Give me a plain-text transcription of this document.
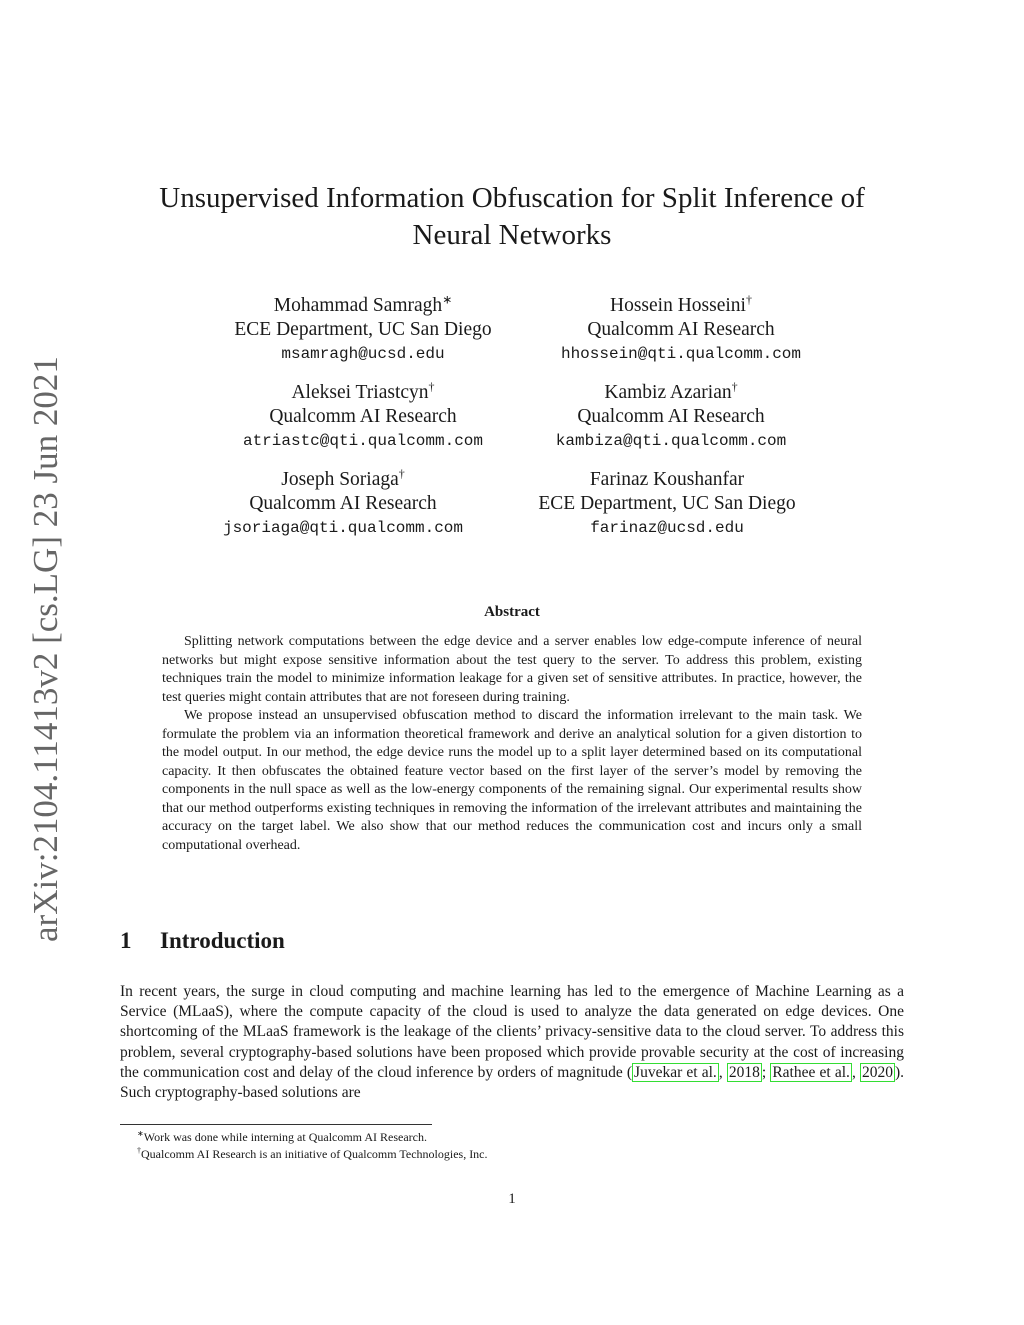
arXiv:2104.11413v2 [cs.LG] 23 Jun 2021
Unsupervised Information Obfuscation for Split Inference of Neural Networks
Mohammad Samragh∗
ECE Department, UC San Diego
msamragh@ucsd.edu
Hossein Hosseini†
Qualcomm AI Research
hhossein@qti.qualcomm.com
Aleksei Triastcyn†
Qualcomm AI Research
atriastc@qti.qualcomm.com
Kambiz Azarian†
Qualcomm AI Research
kambiza@qti.qualcomm.com
Joseph Soriaga†
Qualcomm AI Research
jsoriaga@qti.qualcomm.com
Farinaz Koushanfar
ECE Department, UC San Diego
farinaz@ucsd.edu
Abstract

Splitting network computations between the edge device and a server enables low edge-compute inference of neural networks but might expose sensitive information about the test query to the server. To address this problem, existing techniques train the model to minimize information leakage for a given set of sensitive attributes. In practice, however, the test queries might contain attributes that are not foreseen during training.

We propose instead an unsupervised obfuscation method to discard the information irrelevant to the main task. We formulate the problem via an information theoretical framework and derive an analytical solution for a given distortion to the model output. In our method, the edge device runs the model up to a split layer determined based on its computational capacity. It then obfuscates the obtained feature vector based on the first layer of the server’s model by removing the components in the null space as well as the low-energy components of the remaining signal. Our experimental results show that our method outperforms existing techniques in removing the information of the irrelevant attributes and maintaining the accuracy on the target label. We also show that our method reduces the communication cost and incurs only a small computational overhead.

1 Introduction

In recent years, the surge in cloud computing and machine learning has led to the emergence of Machine Learning as a Service (MLaaS), where the compute capacity of the cloud is used to analyze the data generated on edge devices. One shortcoming of the MLaaS framework is the leakage of the clients’ privacy-sensitive data to the cloud server. To address this problem, several cryptography-based solutions have been proposed which provide provable security at the cost of increasing the communication cost and delay of the cloud inference by orders of magnitude ( Juvekar et al. , 2018 ; Rathee et al. , 2020 ). Such cryptography-based solutions are

∗Work was done while interning at Qualcomm AI Research.

†Qualcomm AI Research is an initiative of Qualcomm Technologies, Inc.

1
